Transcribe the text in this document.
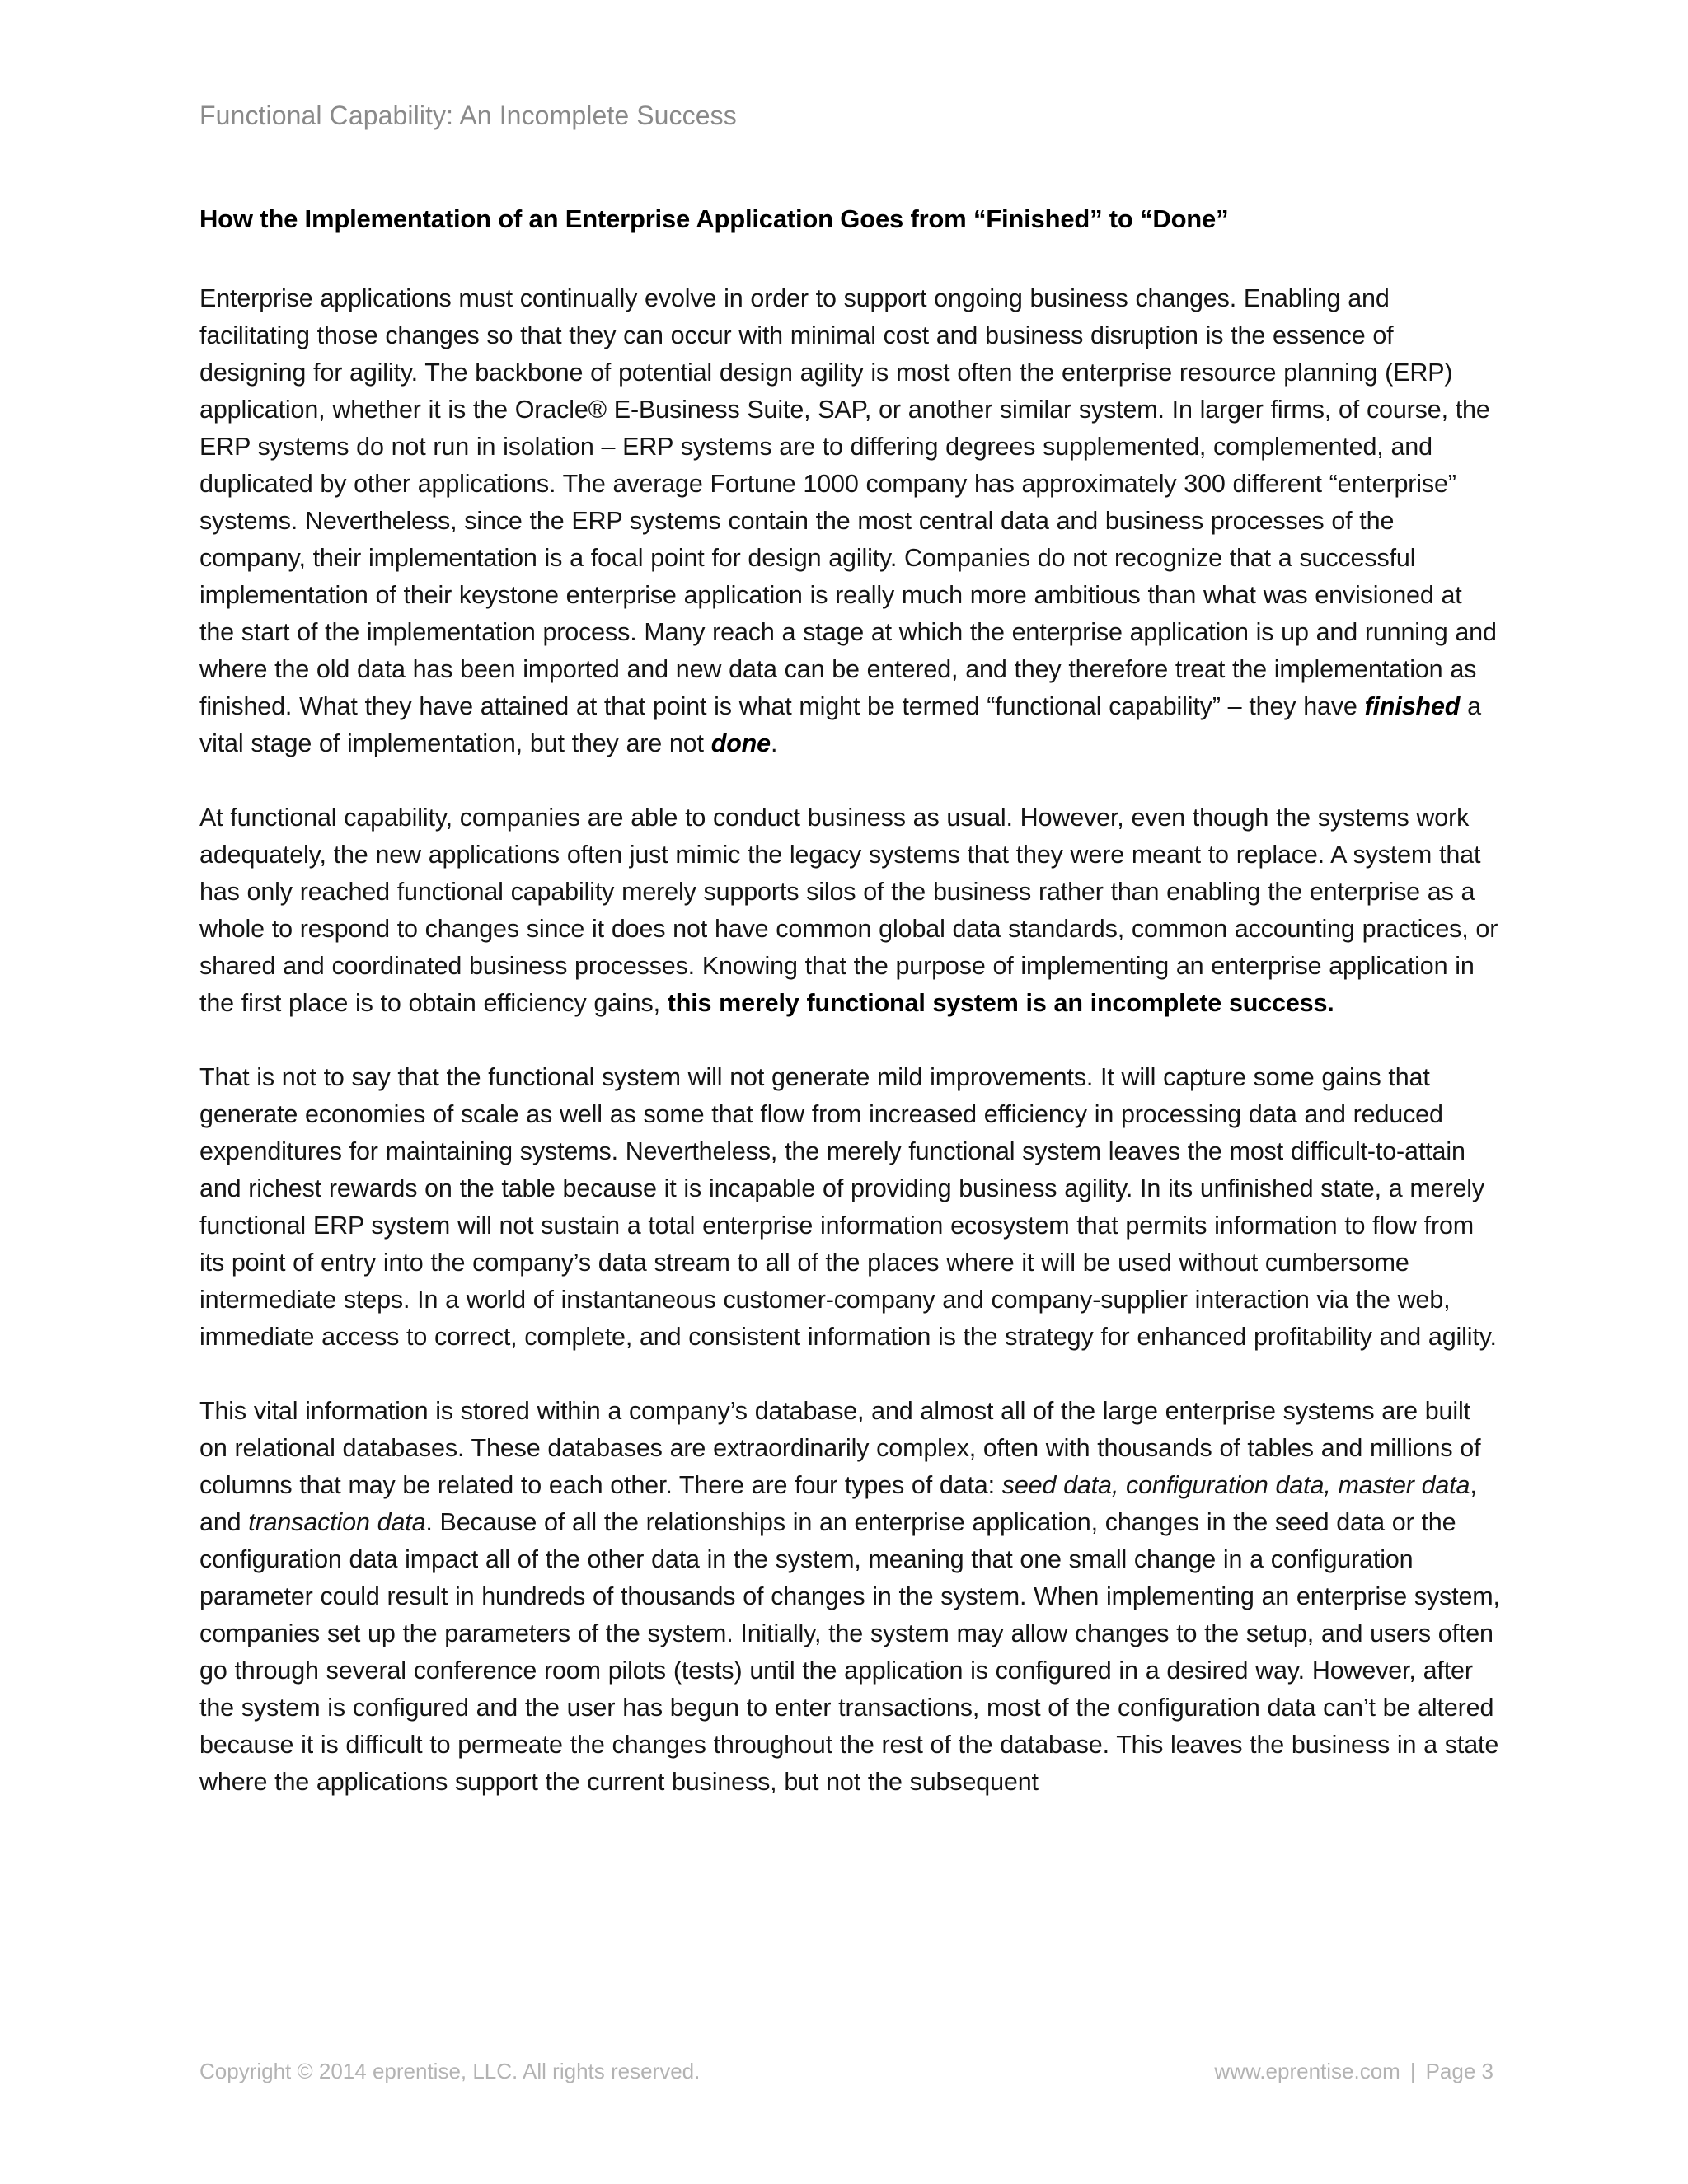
Functional Capability: An Incomplete Success
How the Implementation of an Enterprise Application Goes from “Finished” to “Done”

Enterprise applications must continually evolve in order to support ongoing business changes. Enabling and facilitating those changes so that they can occur with minimal cost and business disruption is the essence of designing for agility. The backbone of potential design agility is most often the enterprise resource planning (ERP) application, whether it is the Oracle® E-Business Suite, SAP, or another similar system. In larger firms, of course, the ERP systems do not run in isolation – ERP systems are to differing degrees supplemented, complemented, and duplicated by other applications. The average Fortune 1000 company has approximately 300 different “enterprise” systems. Nevertheless, since the ERP systems contain the most central data and business processes of the company, their implementation is a focal point for design agility. Companies do not recognize that a successful implementation of their keystone enterprise application is really much more ambitious than what was envisioned at the start of the implementation process. Many reach a stage at which the enterprise application is up and running and where the old data has been imported and new data can be entered, and they therefore treat the implementation as finished. What they have attained at that point is what might be termed “functional capability” – they have finished a vital stage of implementation, but they are not done.

At functional capability, companies are able to conduct business as usual. However, even though the systems work adequately, the new applications often just mimic the legacy systems that they were meant to replace. A system that has only reached functional capability merely supports silos of the business rather than enabling the enterprise as a whole to respond to changes since it does not have common global data standards, common accounting practices, or shared and coordinated business processes. Knowing that the purpose of implementing an enterprise application in the first place is to obtain efficiency gains, this merely functional system is an incomplete success.

That is not to say that the functional system will not generate mild improvements. It will capture some gains that generate economies of scale as well as some that flow from increased efficiency in processing data and reduced expenditures for maintaining systems. Nevertheless, the merely functional system leaves the most difficult-to-attain and richest rewards on the table because it is incapable of providing business agility. In its unfinished state, a merely functional ERP system will not sustain a total enterprise information ecosystem that permits information to flow from its point of entry into the company’s data stream to all of the places where it will be used without cumbersome intermediate steps. In a world of instantaneous customer-company and company-supplier interaction via the web, immediate access to correct, complete, and consistent information is the strategy for enhanced profitability and agility.

This vital information is stored within a company’s database, and almost all of the large enterprise systems are built on relational databases. These databases are extraordinarily complex, often with thousands of tables and millions of columns that may be related to each other. There are four types of data: seed data, configuration data, master data, and transaction data. Because of all the relationships in an enterprise application, changes in the seed data or the configuration data impact all of the other data in the system, meaning that one small change in a configuration parameter could result in hundreds of thousands of changes in the system. When implementing an enterprise system, companies set up the parameters of the system. Initially, the system may allow changes to the setup, and users often go through several conference room pilots (tests) until the application is configured in a desired way. However, after the system is configured and the user has begun to enter transactions, most of the configuration data can’t be altered because it is difficult to permeate the changes throughout the rest of the database. This leaves the business in a state where the applications support the current business, but not the subsequent

Copyright © 2014 eprentise, LLC. All rights reserved.	www.eprentise.com | Page 3
